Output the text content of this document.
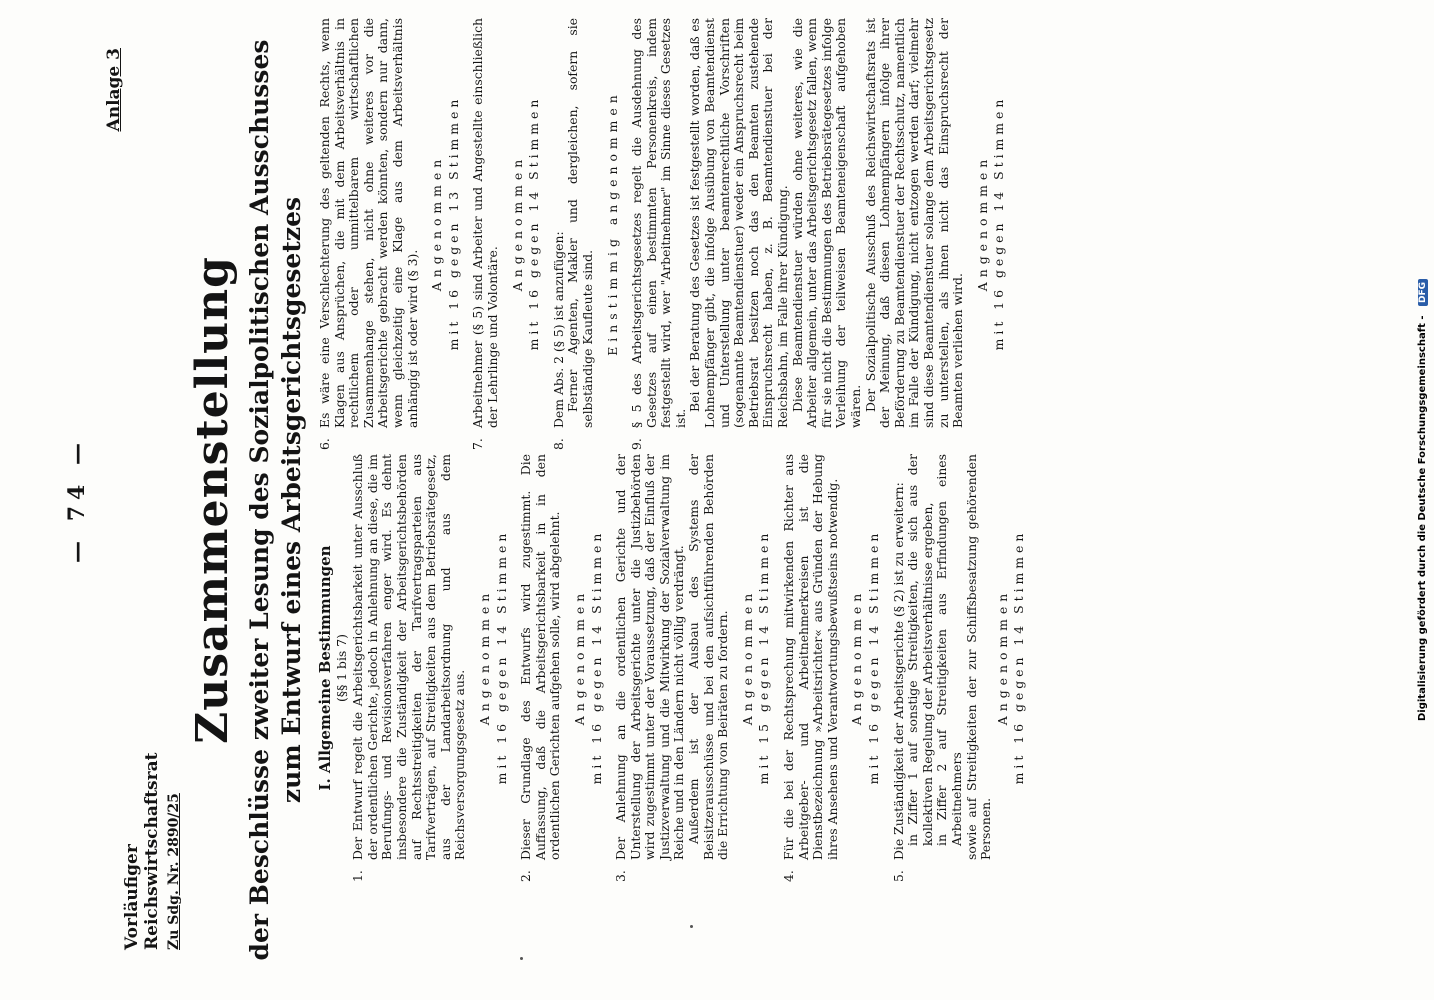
— 74 —
Vorläufiger Reichswirtschaftsrat Zu Sdg. Nr. 2890/25
Anlage 3
Zusammenstellung der Beschlüsse zweiter Lesung des Sozialpolitischen Ausschusses zum Entwurf eines Arbeitsgerichtsgesetzes I. Allgemeine Bestimmungen (§§ 1 bis 7)
1.

Der Entwurf regelt die Arbeitsgerichtsbarkeit unter Ausschluß der ordentlichen Gerichte, jedoch in Anlehnung an diese, die im Berufungs- und Revisionsverfahren enger wird. Es dehnt insbesondere die Zuständigkeit der Arbeitsgerichtsbehörden auf Rechtsstreitigkeiten der Tarifvertragsparteien aus Tarifverträgen, auf Streitigkeiten aus dem Betriebsrätegesetz, aus der Landarbeitsordnung und aus dem Reichsversorgungsgesetz aus.

Angenommen mit 16 gegen 14 Stimmen
2.

Dieser Grundlage des Entwurfs wird zugestimmt. Die Auffassung, daß die Arbeitsgerichtsbarkeit in in den ordentlichen Gerichten aufgehen solle, wird abgelehnt. Angenommen mit 16 gegen 14 Stimmen
3.

Der Anlehnung an die ordentlichen Gerichte und der Unterstellung der Arbeitsgerichte unter die Justizbehörden wird zugestimmt unter der Voraussetzung, daß der Einfluß der Justizverwaltung und die Mitwirkung der Sozialverwaltung im Reiche und in den Ländern nicht völlig verdrängt. Außerdem ist der Ausbau des Systems der Beisitzerausschüsse und bei den aufsichtführenden Behörden die Errichtung von Beiräten zu fordern. Angenommen mit 15 gegen 14 Stimmen
4.

Für die bei der Rechtsprechung mitwirkenden Richter aus Arbeitgeber- und Arbeitnehmerkreisen ist die Dienstbezeichnung »Arbeitsrichter« aus Gründen der Hebung ihres Ansehens und Verantwortungsbewußtseins notwendig. Angenommen mit 16 gegen 14 Stimmen
5.

Die Zuständigkeit der Arbeitsgerichte (§ 2) ist zu erweitern: in Ziffer 1 auf sonstige Streitigkeiten, die sich aus der kollektiven Regelung der Arbeitsverhältnisse ergeben, in Ziffer 2 auf Streitigkeiten aus Erfindungen eines Arbeitnehmers sowie auf Streitigkeiten der zur Schiffsbesatzung gehörenden Personen.

Angenommen mit 16 gegen 14 Stimmen
6.

Es wäre eine Verschlechterung des geltenden Rechts, wenn Klagen aus Ansprüchen, die mit dem Arbeitsverhältnis in rechtlichem oder unmittelbarem wirtschaftlichen Zusammenhange stehen, nicht ohne weiteres vor die Arbeitsgerichte gebracht werden könnten, sondern nur dann, wenn gleichzeitig eine Klage aus dem Arbeitsverhältnis anhängig ist oder wird (§ 3).

Angenommen mit 16 gegen 13 Stimmen
7.

Arbeitnehmer (§ 5) sind Arbeiter und Angestellte einschließlich der Lehrlinge und Volontäre.

Angenommen mit 16 gegen 14 Stimmen
8.

Dem Abs. 2 (§ 5) ist anzufügen: Ferner Agenten, Makler und dergleichen, sofern sie selbständige Kaufleute sind. Einstimmig angenommen
9.

§ 5 des Arbeitsgerichtsgesetzes regelt die Ausdehnung des Gesetzes auf einen bestimmten Personenkreis, indem festgestellt wird, wer "Arbeitnehmer" im Sinne dieses Gesetzes ist.

Bei der Beratung des Gesetzes ist festgestellt worden, daß es Lohnempfänger gibt, die infolge Ausübung von Beamtendienst und Unterstellung unter beamtenrechtliche Vorschriften (sogenannte Beamtendienstuer) weder ein Anspruchsrecht beim Betriebsrat besitzen noch das den Beamten zustehende Einspruchsrecht haben, z. B. Beamtendienstuer bei der Reichsbahn, im Falle ihrer Kündigung. Diese Beamtendienstuer würden ohne weiteres, wie die Arbeiter allgemein, unter das Arbeitsgerichtsgesetz fallen, wenn für sie nicht die Bestimmungen des Betriebsrätegesetzes infolge Verleihung der teilweisen Beamteneigenschaft aufgehoben wären. Der Sozialpolitische Ausschuß des Reichswirtschaftsrats ist der Meinung, daß diesen Lohnempfängern infolge ihrer Beförderung zu Beamtendienstuer der Rechtsschutz, namentlich im Falle der Kündigung, nicht entzogen werden darf; vielmehr sind diese Beamtendienstuer solange dem Arbeitsgerichtsgesetz zu unterstellen, als ihnen nicht das Einspruchsrecht der Beamten verliehen wird.

Angenommen mit 16 gegen 14 Stimmen
Digitalisierung gefördert durch die Deutsche Forschungsgemeinschaft - DFG
